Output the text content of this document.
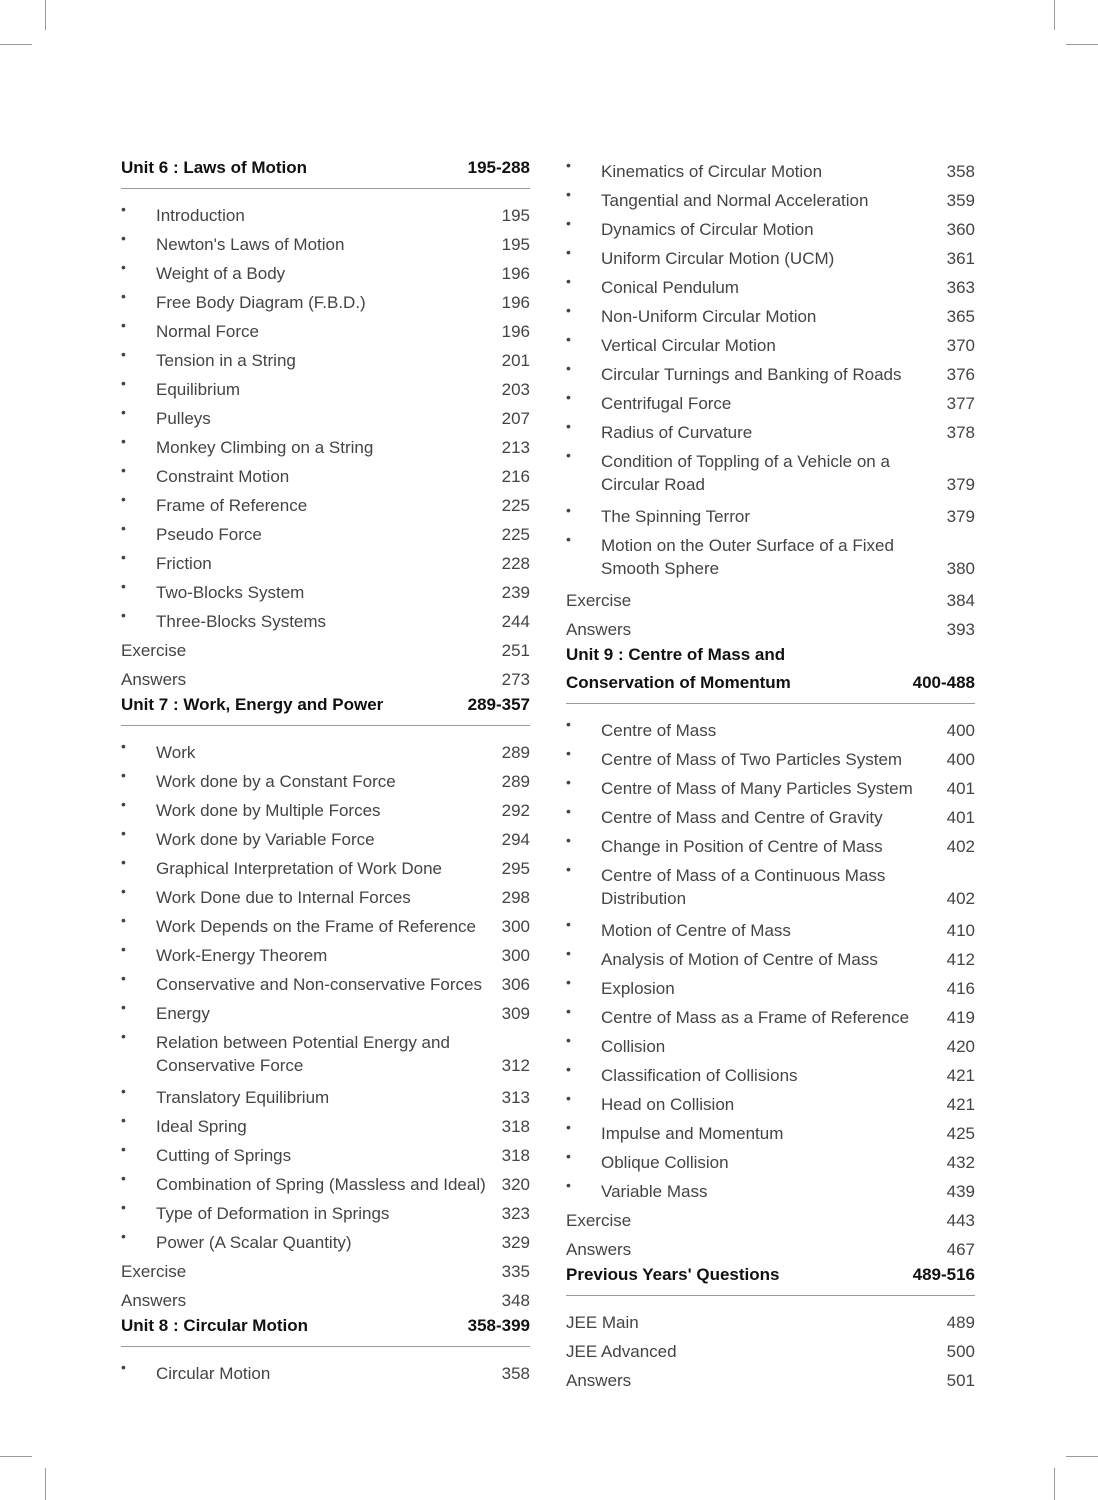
Unit 6 : Laws of Motion	195-288
•	Introduction	195
•	Newton's Laws of Motion	195
•	Weight of a Body	196
•	Free Body Diagram (F.B.D.)	196
•	Normal Force	196
•	Tension in a String	201
•	Equilibrium	203
•	Pulleys	207
•	Monkey Climbing on a String	213
•	Constraint Motion	216
•	Frame of Reference	225
•	Pseudo Force	225
•	Friction	228
•	Two-Blocks System	239
•	Three-Blocks Systems	244
Exercise	251
Answers	273
Unit 7 : Work, Energy and Power	289-357
•	Work	289
•	Work done by a Constant Force	289
•	Work done by Multiple Forces	292
•	Work done by Variable Force	294
•	Graphical Interpretation of Work Done	295
•	Work Done due to Internal Forces	298
•	Work Depends on the Frame of Reference	300
•	Work-Energy Theorem	300
•	Conservative and Non-conservative Forces	306
•	Energy	309
•	Relation between Potential Energy and Conservative Force	312
•	Translatory Equilibrium	313
•	Ideal Spring	318
•	Cutting of Springs	318
•	Combination of Spring (Massless and Ideal) 320
•	Type of Deformation in Springs	323
•	Power (A Scalar Quantity)	329
Exercise	335
Answers	348
Unit 8 : Circular Motion	358-399
•	Circular Motion	358
•	Kinematics of Circular Motion	358
•	Tangential and Normal Acceleration	359
•	Dynamics of Circular Motion	360
•	Uniform Circular Motion (UCM)	361
•	Conical Pendulum	363
•	Non-Uniform Circular Motion	365
•	Vertical Circular Motion	370
•	Circular Turnings and Banking of Roads	376
•	Centrifugal Force	377
•	Radius of Curvature	378
•	Condition of Toppling of a Vehicle on a Circular Road	379
•	The Spinning Terror	379
•	Motion on the Outer Surface of a Fixed Smooth Sphere	380
Exercise	384
Answers	393
Unit 9 : Centre of Mass and
Conservation of Momentum	400-488
•	Centre of Mass	400
•	Centre of Mass of Two Particles System	400
•	Centre of Mass of Many Particles System	401
•	Centre of Mass and Centre of Gravity	401
•	Change in Position of Centre of Mass	402
•	Centre of Mass of a Continuous Mass Distribution	402
•	Motion of Centre of Mass	410
•	Analysis of Motion of Centre of Mass	412
•	Explosion	416
•	Centre of Mass as a Frame of Reference	419
•	Collision	420
•	Classification of Collisions	421
•	Head on Collision	421
•	Impulse and Momentum	425
•	Oblique Collision	432
•	Variable Mass	439
Exercise	443
Answers	467
Previous Years' Questions	489-516
JEE Main	489
JEE Advanced	500
Answers	501
